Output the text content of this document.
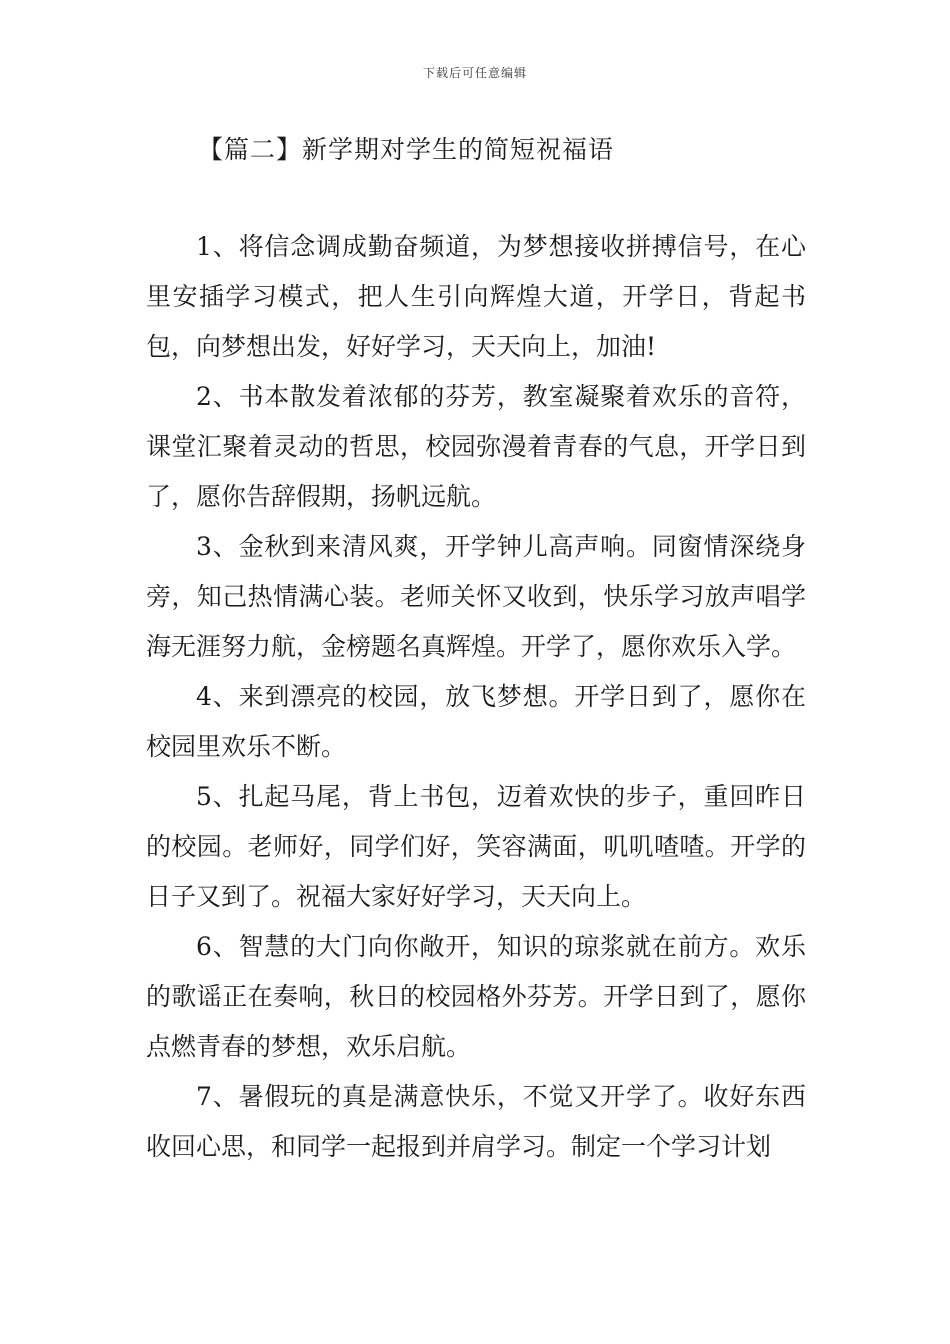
下载后可任意编辑
【篇二】新学期对学生的简短祝福语

1、将信念调成勤奋频道，为梦想接收拼搏信号，在心里安插学习模式，把人生引向辉煌大道，开学日，背起书包，向梦想出发，好好学习，天天向上，加油!

2、书本散发着浓郁的芬芳，教室凝聚着欢乐的音符，课堂汇聚着灵动的哲思，校园弥漫着青春的气息，开学日到了，愿你告辞假期，扬帆远航。

3、金秋到来清风爽，开学钟儿高声响。同窗情深绕身旁，知己热情满心装。老师关怀又收到，快乐学习放声唱学海无涯努力航，金榜题名真辉煌。开学了，愿你欢乐入学。

4、来到漂亮的校园，放飞梦想。开学日到了，愿你在校园里欢乐不断。

5、扎起马尾，背上书包，迈着欢快的步子，重回昨日的校园。老师好，同学们好，笑容满面，叽叽喳喳。开学的日子又到了。祝福大家好好学习，天天向上。

6、智慧的大门向你敞开，知识的琼浆就在前方。欢乐的歌谣正在奏响，秋日的校园格外芬芳。开学日到了，愿你点燃青春的梦想，欢乐启航。

7、暑假玩的真是满意快乐，不觉又开学了。收好东西收回心思，和同学一起报到并肩学习。制定一个学习计划
